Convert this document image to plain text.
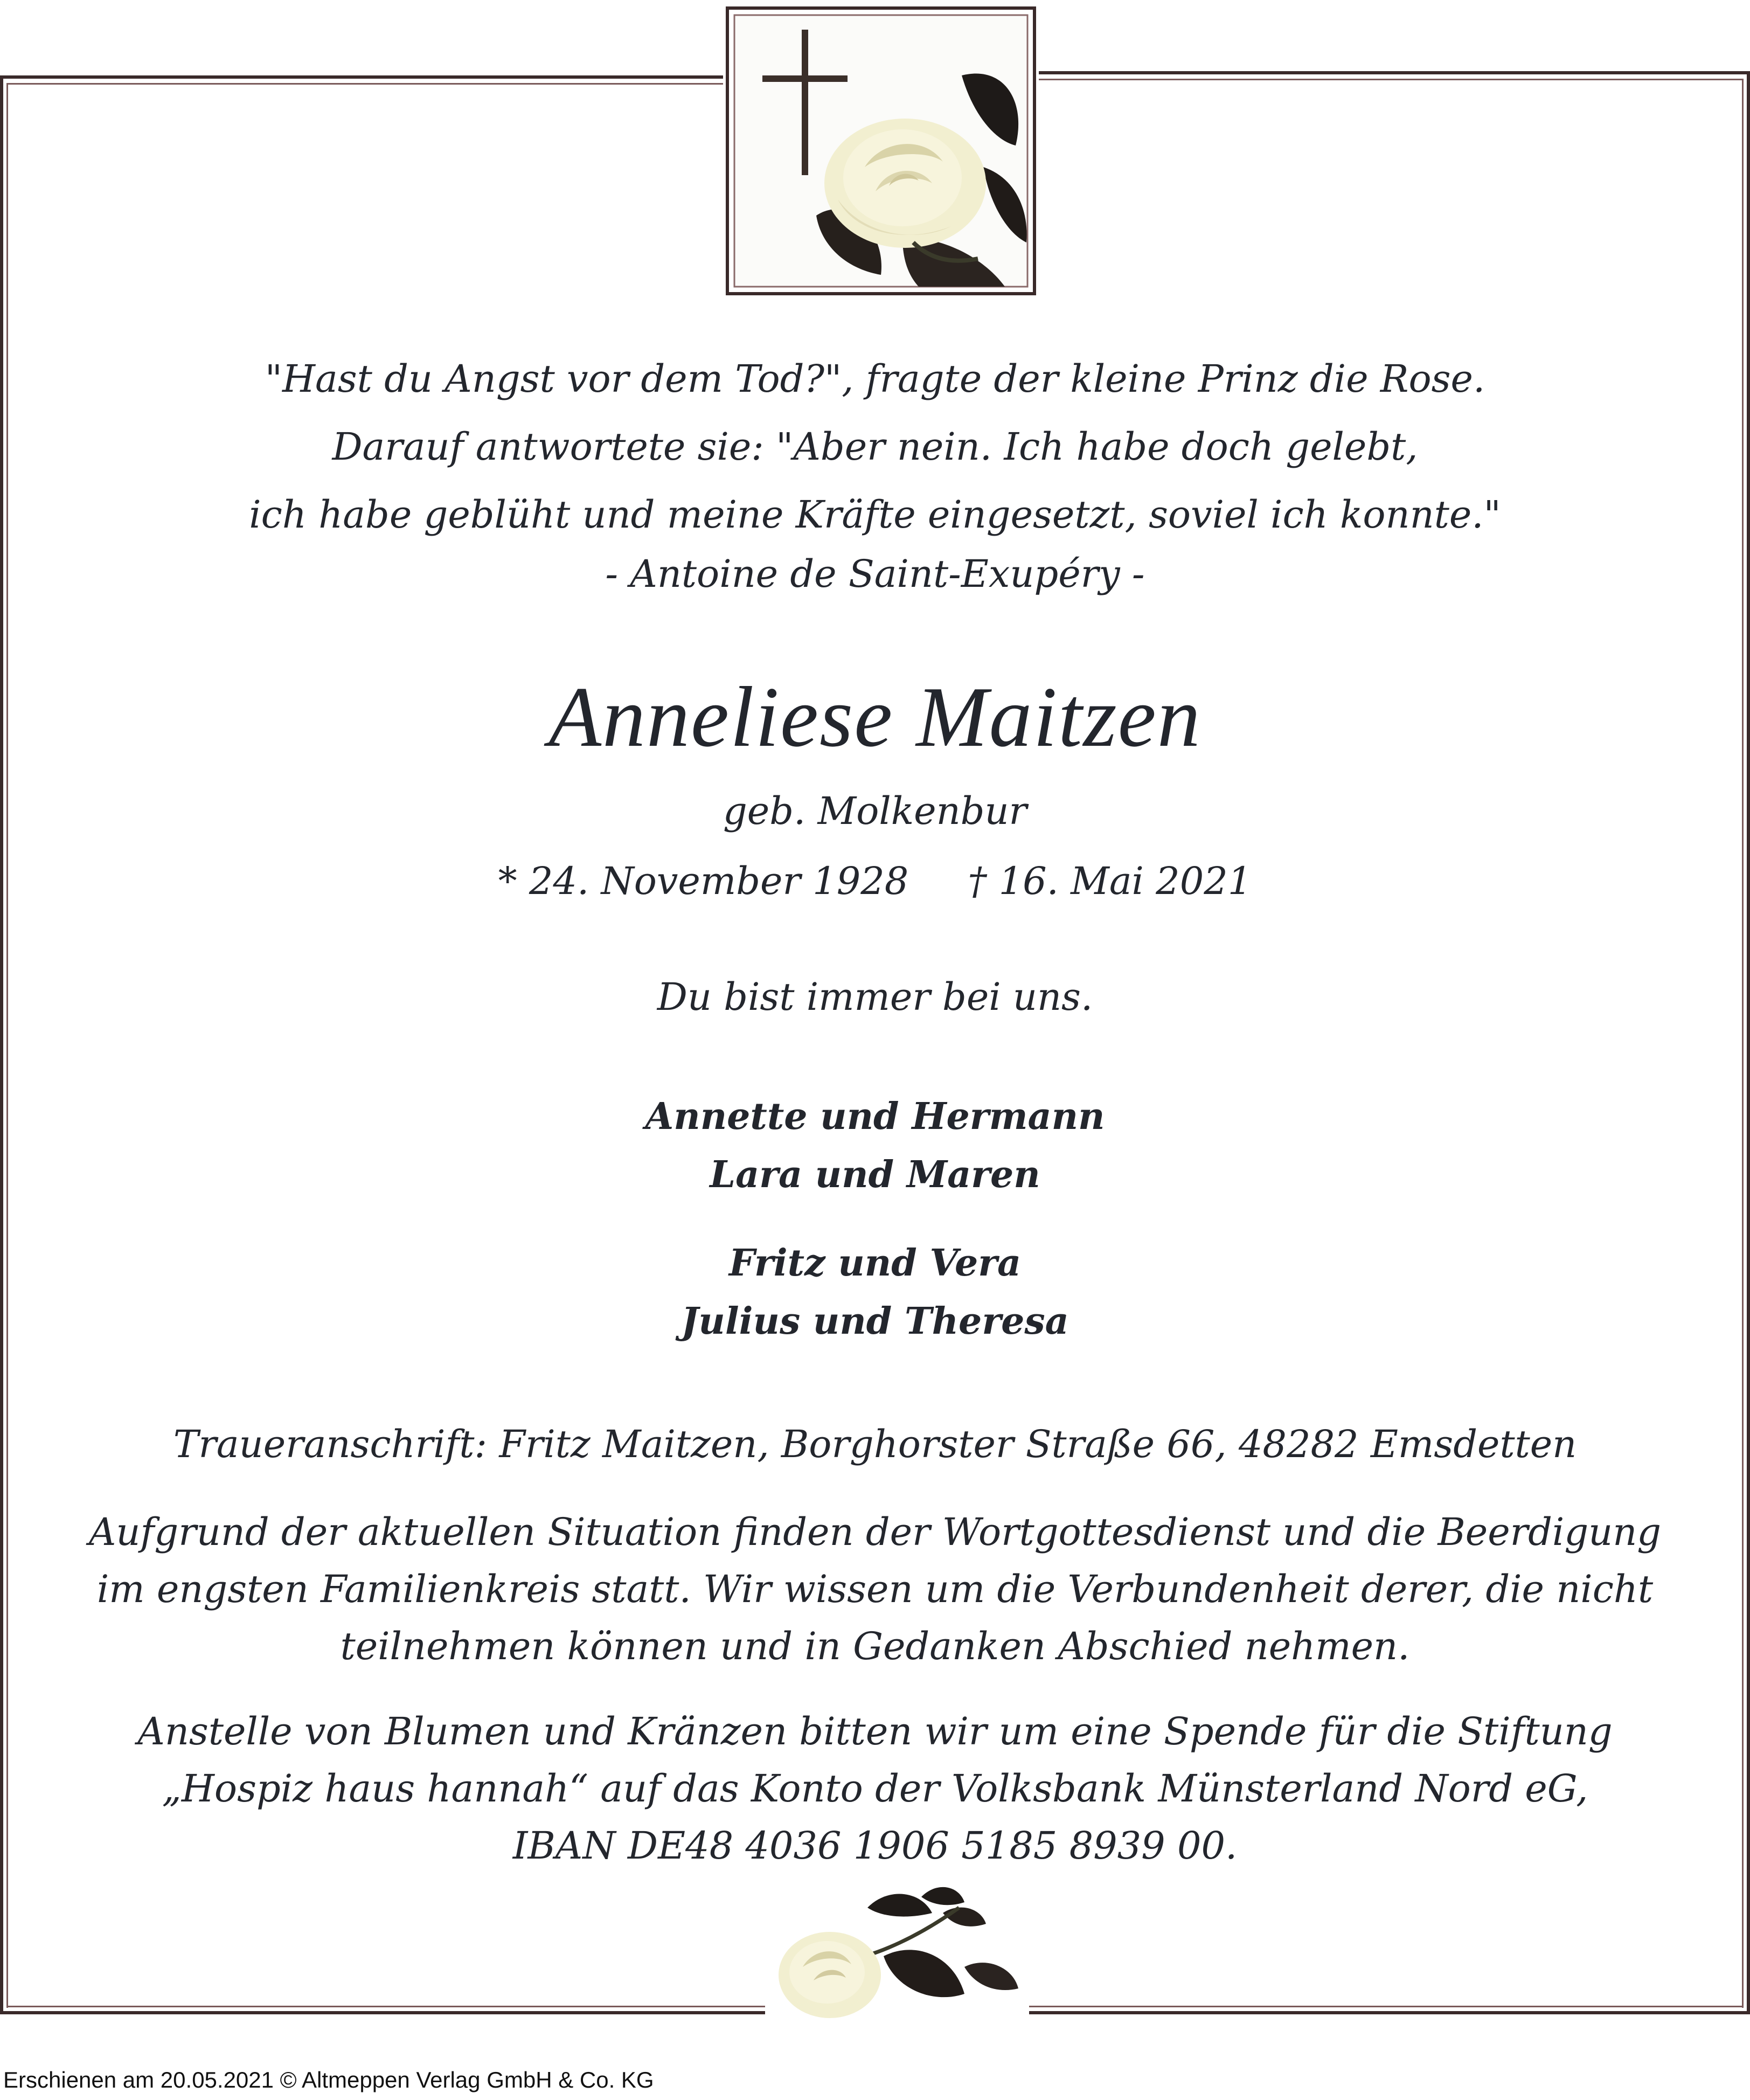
"Hast du Angst vor dem Tod?", fragte der kleine Prinz die Rose.
Darauf antwortete sie: "Aber nein. Ich habe doch gelebt,
ich habe geblüht und meine Kräfte eingesetzt, soviel ich konnte."
- Antoine de Saint-Exupéry -
Anneliese Maitzen
geb. Molkenbur
* 24. November 1928 † 16. Mai 2021
Du bist immer bei uns.
Annette und Hermann
Lara und Maren
Fritz und Vera
Julius und Theresa
Traueranschrift: Fritz Maitzen, Borghorster Straße 66, 48282 Emsdetten
Aufgrund der aktuellen Situation finden der Wortgottesdienst und die Beerdigung
im engsten Familienkreis statt. Wir wissen um die Verbundenheit derer, die nicht
teilnehmen können und in Gedanken Abschied nehmen.
Anstelle von Blumen und Kränzen bitten wir um eine Spende für die Stiftung
„Hospiz haus hannah“ auf das Konto der Volksbank Münsterland Nord eG,
IBAN DE48 4036 1906 5185 8939 00.
Erschienen am 20.05.2021 © Altmeppen Verlag GmbH & Co. KG
